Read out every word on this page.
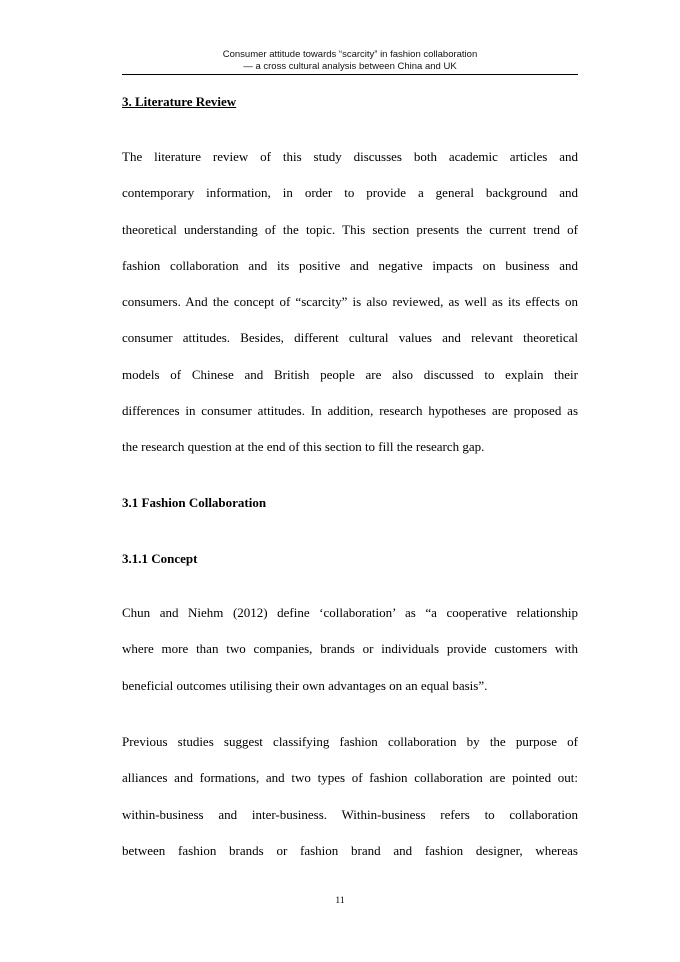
Consumer attitude towards “scarcity” in fashion collaboration
— a cross cultural analysis between China and UK
3. Literature Review
The literature review of this study discusses both academic articles and
contemporary information, in order to provide a general background and
theoretical understanding of the topic. This section presents the current trend of
fashion collaboration and its positive and negative impacts on business and
consumers. And the concept of “scarcity” is also reviewed, as well as its effects on
consumer attitudes. Besides, different cultural values and relevant theoretical
models of Chinese and British people are also discussed to explain their
differences in consumer attitudes. In addition, research hypotheses are proposed as
the research question at the end of this section to fill the research gap.
3.1 Fashion Collaboration
3.1.1 Concept
Chun and Niehm (2012) define ‘collaboration’ as “a cooperative relationship
where more than two companies, brands or individuals provide customers with
beneficial outcomes utilising their own advantages on an equal basis”.
Previous studies suggest classifying fashion collaboration by the purpose of
alliances and formations, and two types of fashion collaboration are pointed out:
within-business and inter-business. Within-business refers to collaboration
between fashion brands or fashion brand and fashion designer, whereas
11
